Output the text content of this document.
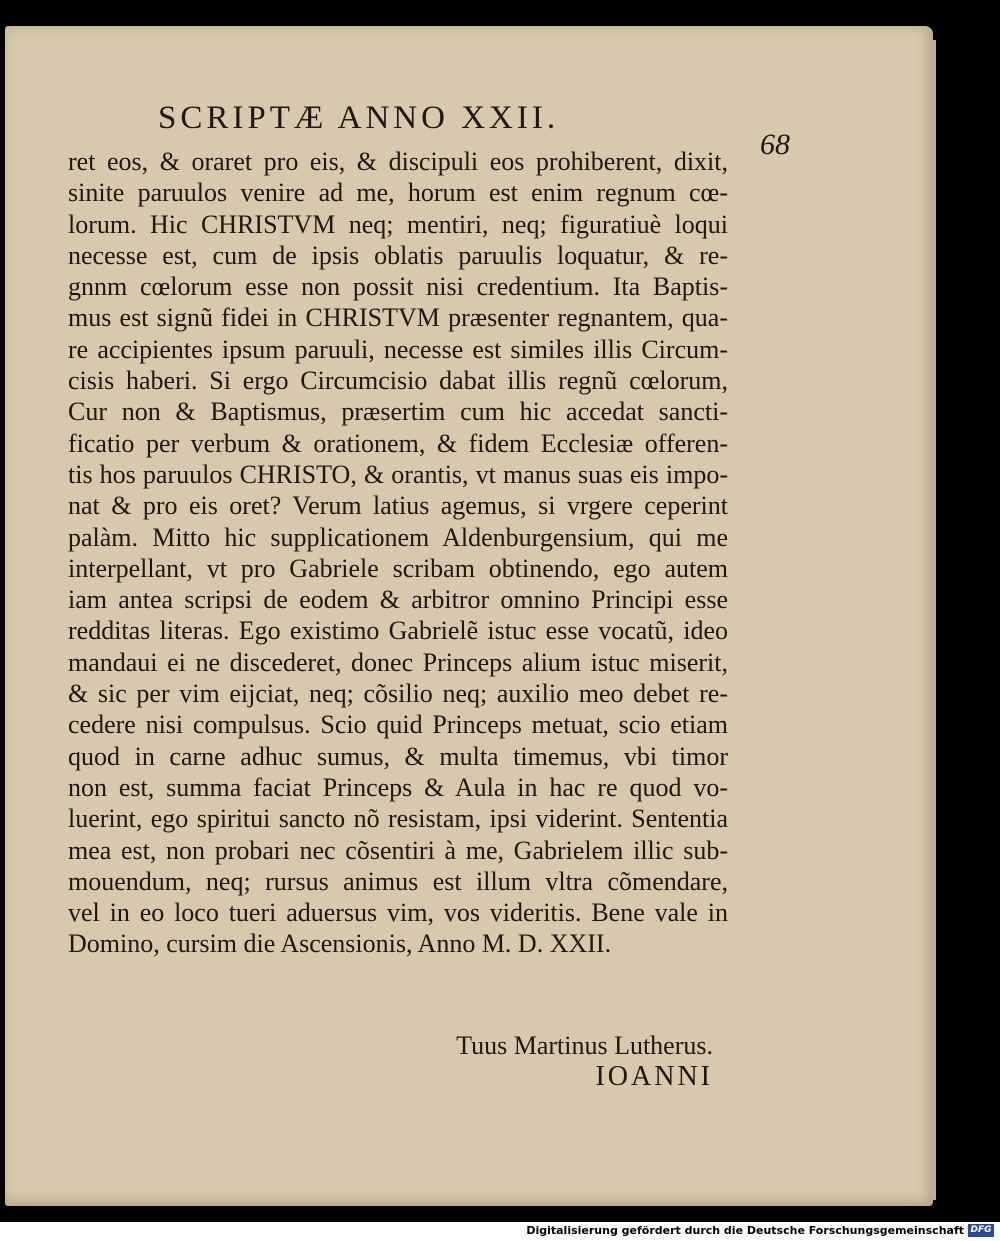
SCRIPTÆ ANNO XXII.
68
ret eos, & oraret pro eis, & discipuli eos prohiberent, dixit,
sinite paruulos venire ad me, horum est enim regnum cœ-
lorum. Hic CHRISTVM neq; mentiri, neq; figuratiuè loqui
necesse est, cum de ipsis oblatis paruulis loquatur, & re-
gnnm cœlorum esse non possit nisi credentium. Ita Baptis-
mus est signũ fidei in CHRISTVM præsenter regnantem, qua-
re accipientes ipsum paruuli, necesse est similes illis Circum-
cisis haberi. Si ergo Circumcisio dabat illis regnũ cœlorum,
Cur non & Baptismus, præsertim cum hic accedat sancti-
ficatio per verbum & orationem, & fidem Ecclesiæ offeren-
tis hos paruulos CHRISTO, & orantis, vt manus suas eis impo-
nat & pro eis oret? Verum latius agemus, si vrgere ceperint
palàm. Mitto hic supplicationem Aldenburgensium, qui me
interpellant, vt pro Gabriele scribam obtinendo, ego autem
iam antea scripsi de eodem & arbitror omnino Principi esse
redditas literas. Ego existimo Gabrielẽ istuc esse vocatũ, ideo
mandaui ei ne discederet, donec Princeps alium istuc miserit,
& sic per vim eijciat, neq; cõsilio neq; auxilio meo debet re-
cedere nisi compulsus. Scio quid Princeps metuat, scio etiam
quod in carne adhuc sumus, & multa timemus, vbi timor
non est, summa faciat Princeps & Aula in hac re quod vo-
luerint, ego spiritui sancto nõ resistam, ipsi viderint. Sententia
mea est, non probari nec cõsentiri à me, Gabrielem illic sub-
mouendum, neq; rursus animus est illum vltra cõmendare,
vel in eo loco tueri aduersus vim, vos videritis. Bene vale in
Domino, cursim die Ascensionis, Anno M. D. XXII.
Tuus Martinus Lutherus.
IOANNI
Digitalisierung gefördert durch die Deutsche Forschungsgemeinschaft DFG
